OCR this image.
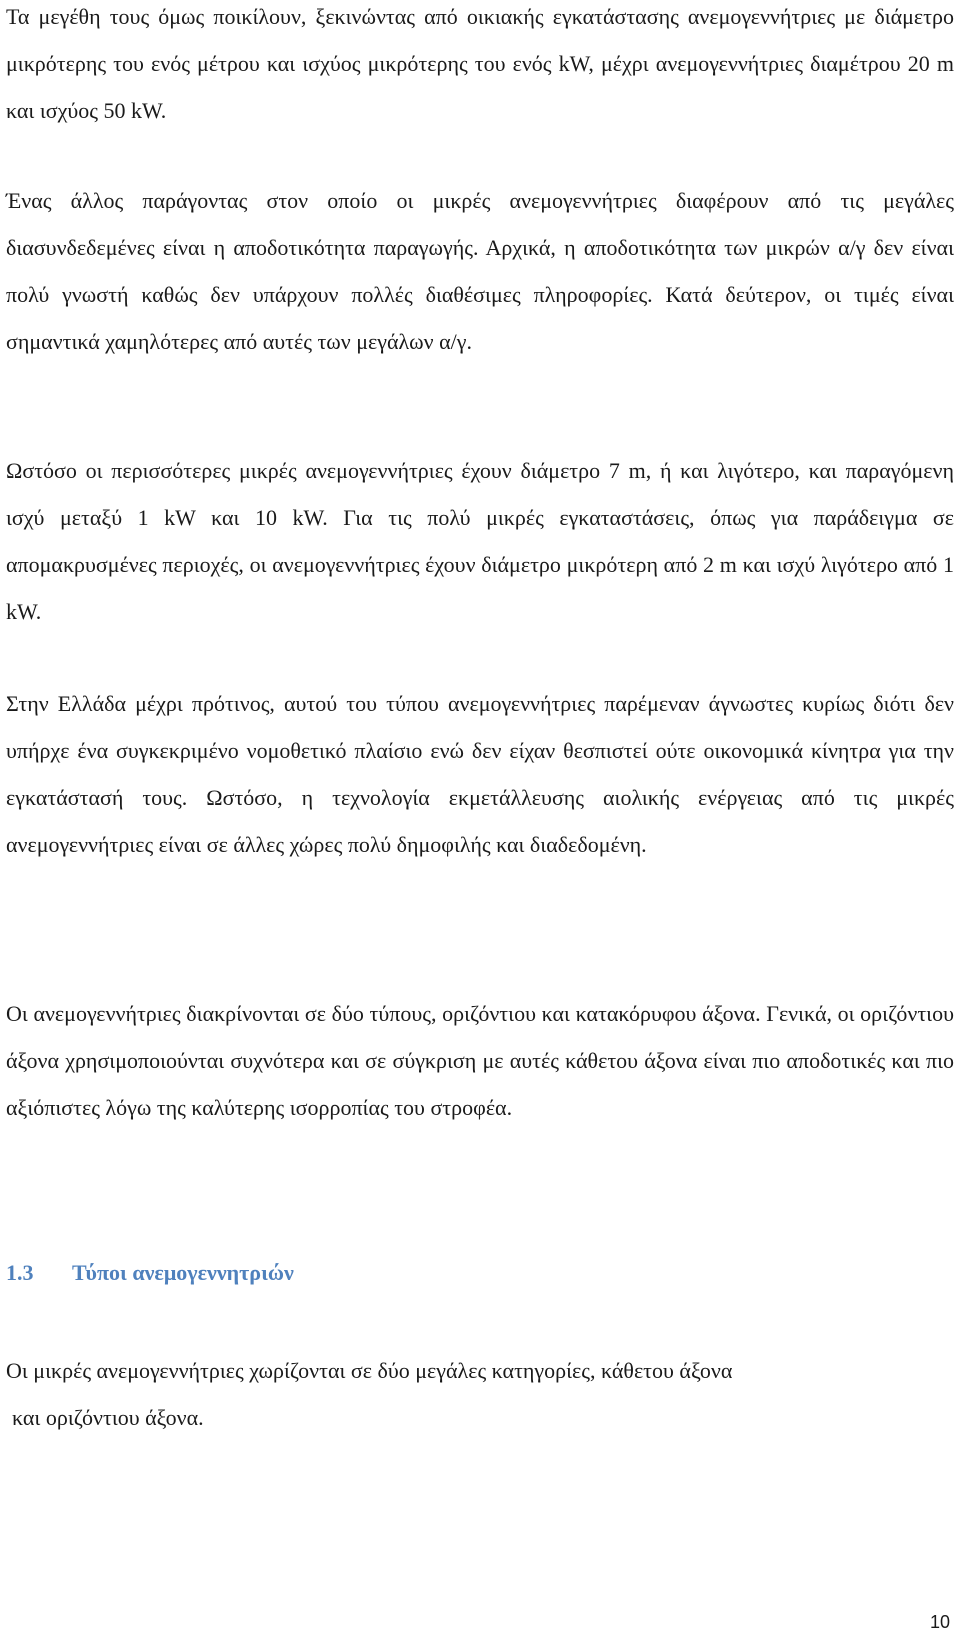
Τα μεγέθη τους όμως ποικίλουν, ξεκινώντας από οικιακής εγκατάστασης ανεμογεννήτριες με διάμετρο μικρότερης του ενός μέτρου και ισχύος μικρότερης του ενός kW, μέχρι ανεμογεννήτριες διαμέτρου 20 m και ισχύος 50 kW.

Ένας άλλος παράγοντας στον οποίο οι μικρές ανεμογεννήτριες διαφέρουν από τις μεγάλες διασυνδεδεμένες είναι η αποδοτικότητα παραγωγής. Αρχικά, η αποδοτικότητα των μικρών α/γ δεν είναι πολύ γνωστή καθώς δεν υπάρχουν πολλές διαθέσιμες πληροφορίες. Κατά δεύτερον, οι τιμές είναι σημαντικά χαμηλότερες από αυτές των μεγάλων α/γ.

Ωστόσο οι περισσότερες μικρές ανεμογεννήτριες έχουν διάμετρο 7 m, ή και λιγότερο, και παραγόμενη ισχύ μεταξύ 1 kW και 10 kW. Για τις πολύ μικρές εγκαταστάσεις, όπως για παράδειγμα σε απομακρυσμένες περιοχές, οι ανεμογεννήτριες έχουν διάμετρο μικρότερη από 2 m και ισχύ λιγότερο από 1 kW.

Στην Ελλάδα μέχρι πρότινος, αυτού του τύπου ανεμογεννήτριες παρέμεναν άγνωστες κυρίως διότι δεν υπήρχε ένα συγκεκριμένο νομοθετικό πλαίσιο ενώ δεν είχαν θεσπιστεί ούτε οικονομικά κίνητρα για την εγκατάστασή τους. Ωστόσο, η τεχνολογία εκμετάλλευσης αιολικής ενέργειας από τις μικρές ανεμογεννήτριες είναι σε άλλες χώρες πολύ δημοφιλής και διαδεδομένη.

Οι ανεμογεννήτριες διακρίνονται σε δύο τύπους, οριζόντιου και κατακόρυφου άξονα. Γενικά, οι οριζόντιου άξονα χρησιμοποιούνται συχνότερα και σε σύγκριση με αυτές κάθετου άξονα είναι πιο αποδοτικές και πιο αξιόπιστες λόγω της καλύτερης ισορροπίας του στροφέα.

1.3 Τύποι ανεμογεννητριών

Οι μικρές ανεμογεννήτριες χωρίζονται σε δύο μεγάλες κατηγορίες, κάθετου άξονα
και οριζόντιου άξονα.

10
